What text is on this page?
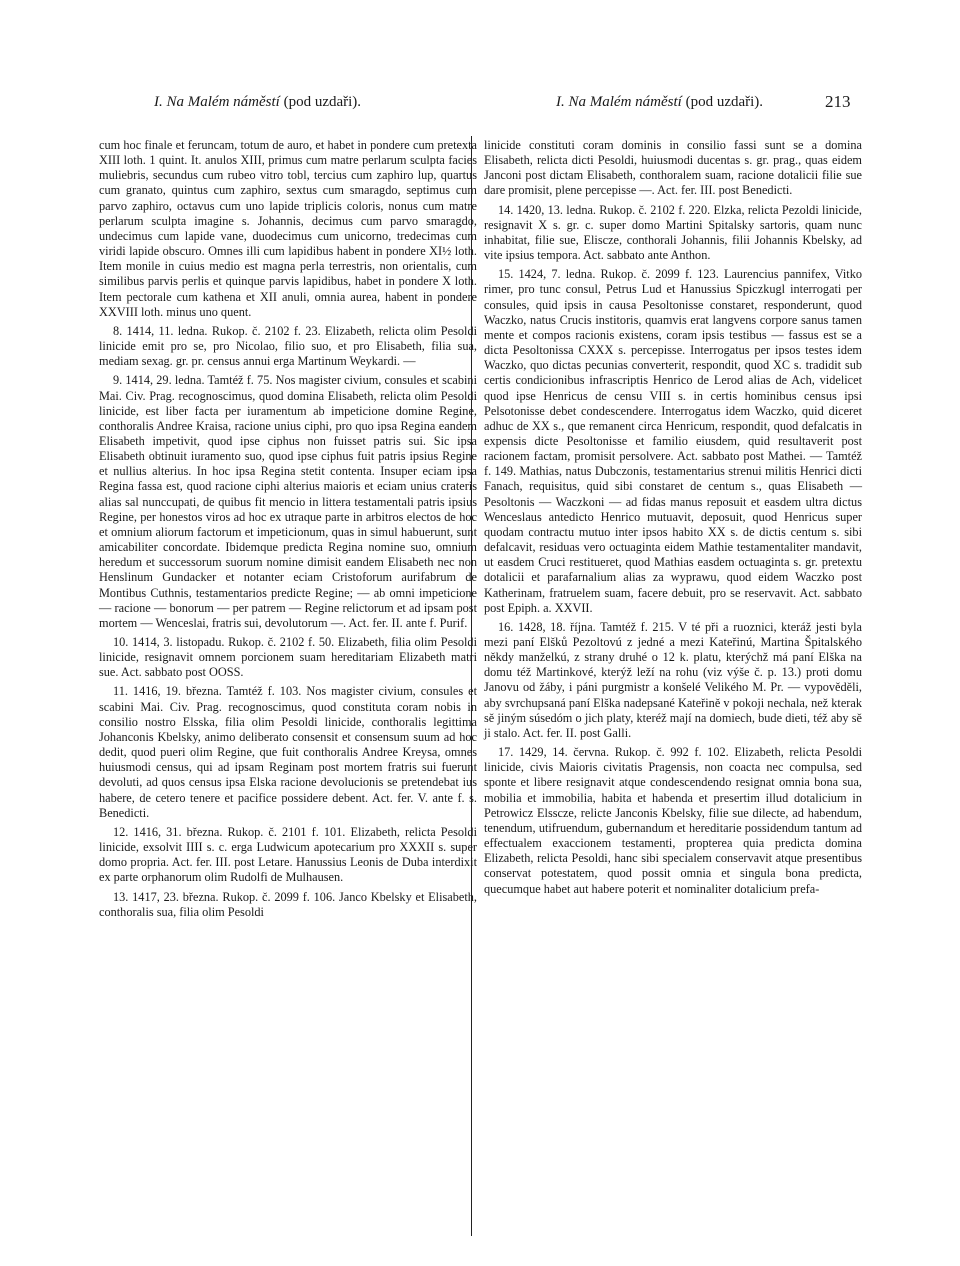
I. Na Malém náměstí (pod uzdaři).	I. Na Malém náměstí (pod uzdaři).	213

cum hoc finale et feruncam, totum de auro, et habet in pondere cum pretexta XIII loth. 1 quint. It. anulos XIII, primus cum matre perlarum sculpta facies muliebris, secundus cum rubeo vitro tobl, tercius cum zaphiro lup, quartus cum granato, quintus cum zaphiro, sextus cum smaragdo, septimus cum parvo zaphiro, octavus cum uno lapide triplicis coloris, nonus cum matre perlarum sculpta imagine s. Johannis, decimus cum parvo smaragdo, undecimus cum lapide vane, duodecimus cum unicorno, tredecimas cum viridi lapide obscuro. Omnes illi cum lapidibus habent in pondere XI½ loth. Item monile in cuius medio est magna perla terrestris, non orientalis, cum similibus parvis perlis et quinque parvis lapidibus, habet in pondere X loth. Item pectorale cum kathena et XII anuli, omnia aurea, habent in pondere XXVIII loth. minus uno quent.

8. 1414, 11. ledna. Rukop. č. 2102 f. 23. Elizabeth, relicta olim Pesoldi linicide emit pro se, pro Nicolao, filio suo, et pro Elisabeth, filia sua, mediam sexag. gr. pr. census annui erga Martinum Weykardi. —

9. 1414, 29. ledna. Tamtéž f. 75. Nos magister civium, consules et scabini Mai. Civ. Prag. recognoscimus, quod domina Elisabeth, relicta olim Pesoldi linicide, est liber facta per iuramentum ab impeticione domine Regine, conthoralis Andree Kraisa, racione unius ciphi, pro quo ipsa Regina eandem Elisabeth impetivit, quod ipse ciphus non fuisset patris sui. Sic ipsa Elisabeth obtinuit iuramento suo, quod ipse ciphus fuit patris ipsius Regine et nullius alterius. In hoc ipsa Regina stetit contenta. Insuper eciam ipsa Regina fassa est, quod racione ciphi alterius maioris et eciam unius crateris alias sal nunccupati, de quibus fit mencio in littera testamentali patris ipsius Regine, per honestos viros ad hoc ex utraque parte in arbitros electos de hoc et omnium aliorum factorum et impeticionum, quas in simul habuerunt, sunt amicabiliter concordate. Ibidemque predicta Regina nomine suo, omnium heredum et successorum suorum nomine dimisit eandem Elisabeth nec non Henslinum Gundacker et notanter eciam Cristoforum aurifabrum de Montibus Cuthnis, testamentarios predicte Regine; — ab omni impeticione — racione — bonorum — per patrem — Regine relictorum et ad ipsam post mortem — Wenceslai, fratris sui, devolutorum —. Act. fer. II. ante f. Purif.

10. 1414, 3. listopadu. Rukop. č. 2102 f. 50. Elizabeth, filia olim Pesoldi linicide, resignavit omnem porcionem suam hereditariam Elizabeth matri sue. Act. sabbato post OOSS.

11. 1416, 19. března. Tamtéž f. 103. Nos magister civium, consules et scabini Mai. Civ. Prag. recognoscimus, quod constituta coram nobis in consilio nostro Elsska, filia olim Pesoldi linicide, conthoralis legittima Johanconis Kbelsky, animo deliberato consensit et consensum suum ad hoc dedit, quod pueri olim Regine, que fuit conthoralis Andree Kreysa, omnes huiusmodi census, qui ad ipsam Reginam post mortem fratris sui fuerunt devoluti, ad quos census ipsa Elska racione devolucionis se pretendebat ius habere, de cetero tenere et pacifice possidere debent. Act. fer. V. ante f. s. Benedicti.

12. 1416, 31. března. Rukop. č. 2101 f. 101. Elizabeth, relicta Pesoldi linicide, exsolvit IIII s. c. erga Ludwicum apotecarium pro XXXII s. super domo propria. Act. fer. III. post Letare. Hanussius Leonis de Duba interdixit ex parte orphanorum olim Rudolfi de Mulhausen.

13. 1417, 23. března. Rukop. č. 2099 f. 106. Janco Kbelsky et Elisabeth, conthoralis sua, filia olim Pesoldi

linicide constituti coram dominis in consilio fassi sunt se a domina Elisabeth, relicta dicti Pesoldi, huiusmodi ducentas s. gr. prag., quas eidem Janconi post dictam Elisabeth, conthoralem suam, racione dotalicii filie sue dare promisit, plene percepisse —. Act. fer. III. post Benedicti.

14. 1420, 13. ledna. Rukop. č. 2102 f. 220. Elzka, relicta Pezoldi linicide, resignavit X s. gr. c. super domo Martini Spitalsky sartoris, quam nunc inhabitat, filie sue, Eliscze, conthorali Johannis, filii Johannis Kbelsky, ad vite ipsius tempora. Act. sabbato ante Anthon.

15. 1424, 7. ledna. Rukop. č. 2099 f. 123. Laurencius pannifex, Vitko rimer, pro tunc consul, Petrus Lud et Hanussius Spiczkugl interrogati per consules, quid ipsis in causa Pesoltonisse constaret, responderunt, quod Waczko, natus Crucis institoris, quamvis erat langvens corpore sanus tamen mente et compos racionis existens, coram ipsis testibus — fassus est se a dicta Pesoltonissa CXXX s. percepisse. Interrogatus per ipsos testes idem Waczko, quo dictas pecunias converterit, respondit, quod XC s. tradidit sub certis condicionibus infrascriptis Henrico de Lerod alias de Ach, videlicet quod ipse Henricus de censu VIII s. in certis hominibus census ipsi Pelsotonisse debet condescendere. Interrogatus idem Waczko, quid diceret adhuc de XX s., que remanent circa Henricum, respondit, quod defalcatis in expensis dicte Pesoltonisse et familio eiusdem, quid resultaverit post racionem factam, promisit persolvere. Act. sabbato post Mathei. — Tamtéž f. 149. Mathias, natus Dubczonis, testamentarius strenui militis Henrici dicti Fanach, requisitus, quid sibi constaret de centum s., quas Elisabeth — Pesoltonis — Waczkoni — ad fidas manus reposuit et easdem ultra dictus Wenceslaus antedicto Henrico mutuavit, deposuit, quod Henricus super quodam contractu mutuo inter ipsos habito XX s. de dictis centum s. sibi defalcavit, residuas vero octuaginta eidem Mathie testamentaliter mandavit, ut easdem Cruci restitueret, quod Mathias easdem octuaginta s. gr. pretextu dotalicii et parafarnalium alias za wyprawu, quod eidem Waczko post Katherinam, fratruelem suam, facere debuit, pro se reservavit. Act. sabbato post Epiph. a. XXVII.

16. 1428, 18. října. Tamtéž f. 215. V té při a ruoznici, kteráž jesti byla mezi paní Elšků Pezoltovú z jedné a mezi Kateřinú, Martina Špitalského někdy manželkú, z strany druhé o 12 k. platu, kterýchž má paní Elška na domu též Martinkové, kterýž leží na rohu (viz výše č. p. 13.) proti domu Janovu od žáby, i páni purgmistr a konšelé Velikého M. Pr. — vypověděli, aby svrchupsaná paní Elška nadepsané Kateřině v pokoji nechala, než kterak sě jiným súsedóm o jich platy, kteréž mají na domiech, bude dieti, též aby sě ji stalo. Act. fer. II. post Galli.

17. 1429, 14. června. Rukop. č. 992 f. 102. Elizabeth, relicta Pesoldi linicide, civis Maioris civitatis Pragensis, non coacta nec compulsa, sed sponte et libere resignavit atque condescendendo resignat omnia bona sua, mobilia et immobilia, habita et habenda et presertim illud dotalicium in Petrowicz Elsscze, relicte Janconis Kbelsky, filie sue dilecte, ad habendum, tenendum, utifruendum, gubernandum et hereditarie possidendum tantum ad effectualem exaccionem testamenti, propterea quia predicta domina Elizabeth, relicta Pesoldi, hanc sibi specialem conservavit atque presentibus conservat potestatem, quod possit omnia et singula bona predicta, quecumque habet aut habere poterit et nominaliter dotalicium prefa-
